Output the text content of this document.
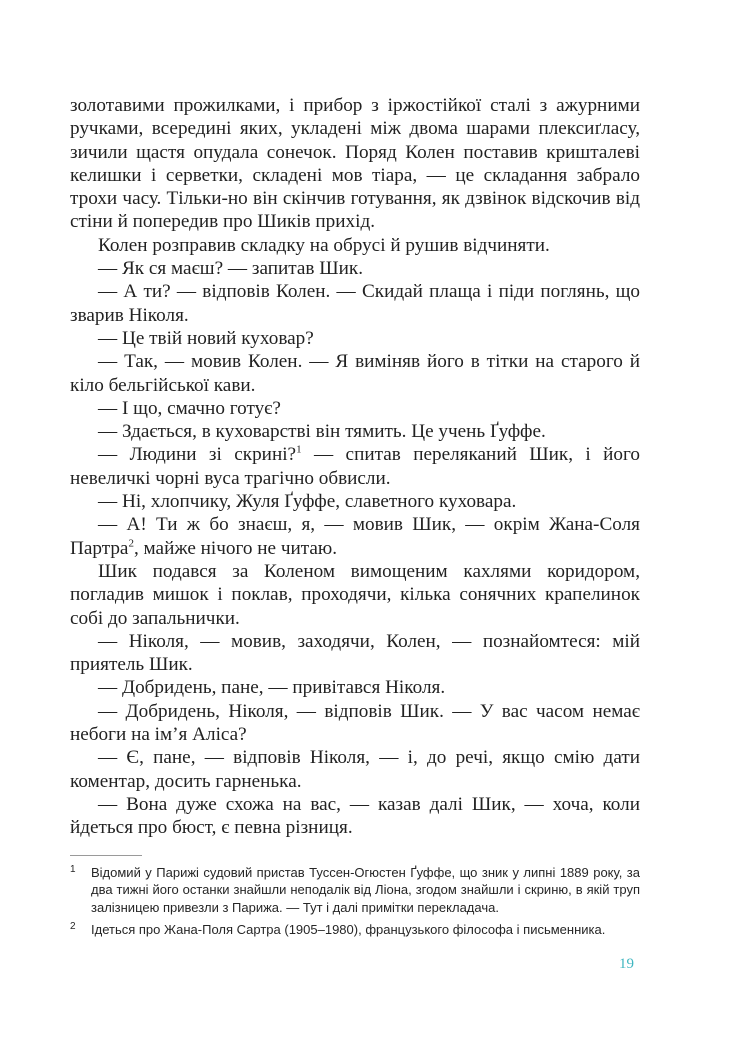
золотавими прожилками, і прибор з іржостійкої сталі з ажурними ручками, всередині яких, укладені між двома шарами плексиґласу, зичили щастя опудала сонечок. Поряд Колен поставив кришталеві келишки і серветки, складені мов тіара, — це складання забрало трохи часу. Тільки-но він скінчив готування, як дзвінок відскочив від стіни й попередив про Шиків прихід.

Колен розправив складку на обрусі й рушив відчиняти.

— Як ся маєш? — запитав Шик.

— А ти? — відповів Колен. — Скидай плаща і піди поглянь, що зварив Ніколя.

— Це твій новий куховар?

— Так, — мовив Колен. — Я виміняв його в тітки на старого й кіло бельгійської кави.

— І що, смачно готує?

— Здається, в куховарстві він тямить. Це учень Ґуффе.

— Людини зі скрині?$^1$ — спитав переляканий Шик, і його невеличкі чорні вуса трагічно обвисли.

— Ні, хлопчику, Жуля Ґуффе, славетного куховара.

— А! Ти ж бо знаєш, я, — мовив Шик, — окрім Жана-Соля Партра$^2$, майже нічого не читаю.

Шик подався за Коленом вимощеним кахлями коридором, погладив мишок і поклав, проходячи, кілька сонячних крапелинок собі до запальнички.

— Ніколя, — мовив, заходячи, Колен, — познайомтеся: мій приятель Шик.

— Добридень, пане, — привітався Ніколя.

— Добридень, Ніколя, — відповів Шик. — У вас часом немає небоги на ім’я Аліса?

— Є, пане, — відповів Ніколя, — і, до речі, якщо смію дати коментар, досить гарненька.

— Вона дуже схожа на вас, — казав далі Шик, — хоча, коли йдеться про бюст, є певна різниця.

1 Відомий у Парижі судовий пристав Туссен-Огюстен Ґуффе, що зник у липні 1889 року, за два тижні його останки знайшли неподалік від Ліона, згодом знайшли і скриню, в якій труп залізницею привезли з Парижа. — Тут і далі примітки перекладача.
2 Ідеться про Жана-Поля Сартра (1905–1980), французького філософа і письменника.
19
